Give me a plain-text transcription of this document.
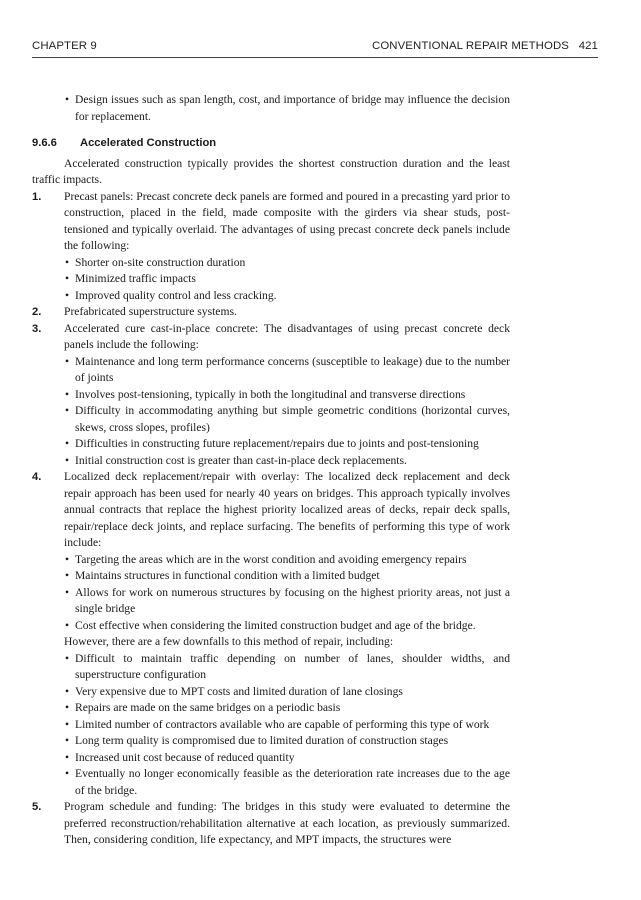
CHAPTER 9	CONVENTIONAL REPAIR METHODS 421
• Design issues such as span length, cost, and importance of bridge may influence the decision for replacement.
9.6.6 Accelerated Construction

Accelerated construction typically provides the shortest construction duration and the least traffic impacts.

1. Precast panels: Precast concrete deck panels are formed and poured in a precasting yard prior to construction, placed in the field, made composite with the girders via shear studs, post-tensioned and typically overlaid. The advantages of using precast concrete deck panels include the following:
• Shorter on-site construction duration
• Minimized traffic impacts
• Improved quality control and less cracking.
2. Prefabricated superstructure systems.
3. Accelerated cure cast-in-place concrete: The disadvantages of using precast concrete deck panels include the following:
• Maintenance and long term performance concerns (susceptible to leakage) due to the number of joints
• Involves post-tensioning, typically in both the longitudinal and transverse directions
• Difficulty in accommodating anything but simple geometric conditions (horizontal curves, skews, cross slopes, profiles)
• Difficulties in constructing future replacement/repairs due to joints and post-tensioning
• Initial construction cost is greater than cast-in-place deck replacements.
4. Localized deck replacement/repair with overlay: The localized deck replacement and deck repair approach has been used for nearly 40 years on bridges. This approach typically involves annual contracts that replace the highest priority localized areas of decks, repair deck spalls, repair/replace deck joints, and replace surfacing. The benefits of performing this type of work include:
• Targeting the areas which are in the worst condition and avoiding emergency repairs
• Maintains structures in functional condition with a limited budget
• Allows for work on numerous structures by focusing on the highest priority areas, not just a single bridge
• Cost effective when considering the limited construction budget and age of the bridge.
However, there are a few downfalls to this method of repair, including:
• Difficult to maintain traffic depending on number of lanes, shoulder widths, and superstructure configuration
• Very expensive due to MPT costs and limited duration of lane closings
• Repairs are made on the same bridges on a periodic basis
• Limited number of contractors available who are capable of performing this type of work
• Long term quality is compromised due to limited duration of construction stages
• Increased unit cost because of reduced quantity
• Eventually no longer economically feasible as the deterioration rate increases due to the age of the bridge.
5. Program schedule and funding: The bridges in this study were evaluated to determine the preferred reconstruction/rehabilitation alternative at each location, as previously summarized. Then, considering condition, life expectancy, and MPT impacts, the structures were
